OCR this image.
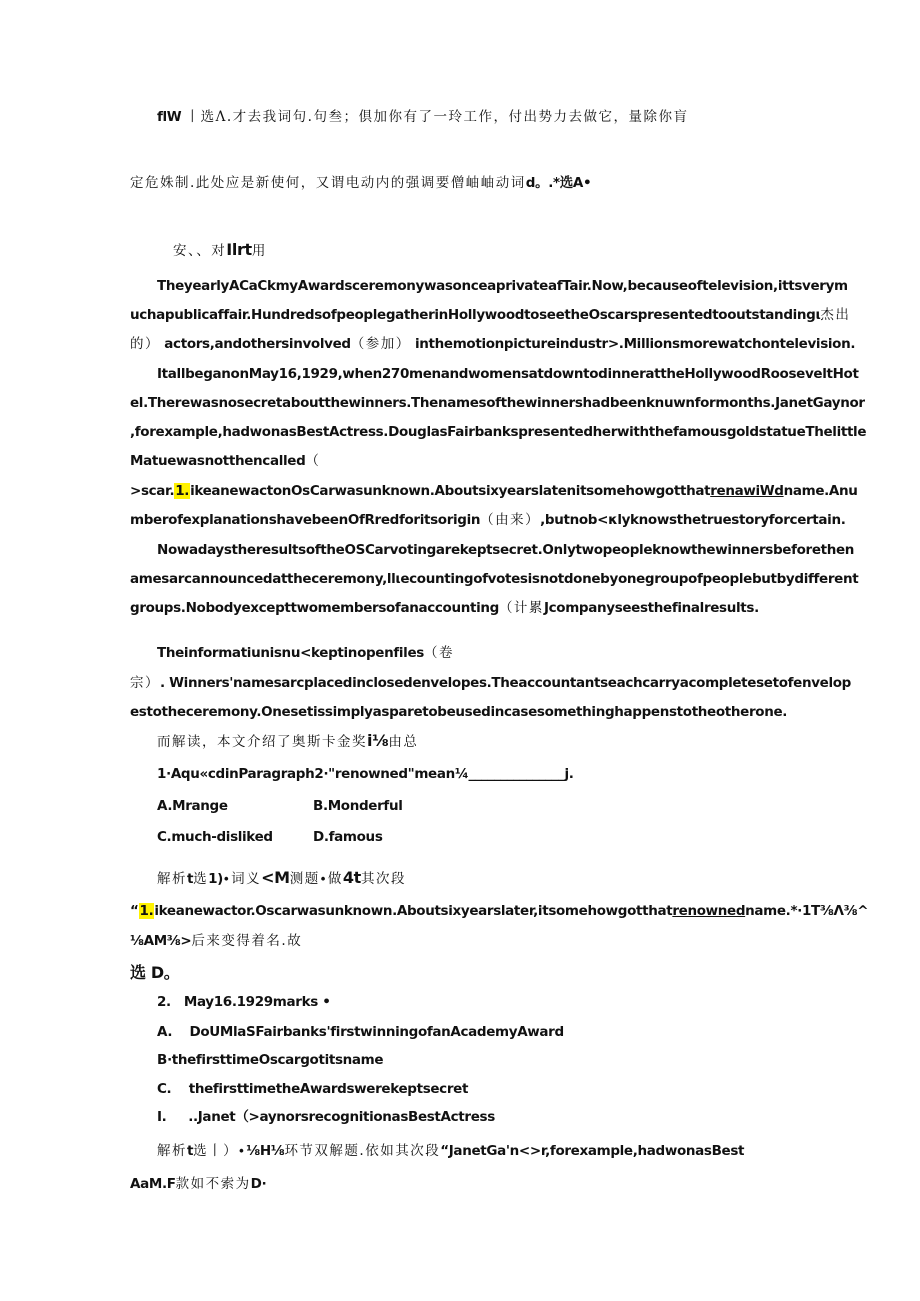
flW 丨选Λ.才去我词句.句叁；倶加你有了一玲工作，付出势力去做它，量除你肓
定危姝制.此处应是新使何，又谓电动内的强调要僧岫岫动词d。.*选A•
安、、对Ilrt用
TheyearlyACaCkmyAwardsceremonywasonceaprivateafTair.Now,becauseoftelevision,ittsverym
uchapublicaffair.HundredsofpeoplegatherinHollywoodtoseetheOscarspresentedtooutstandingι杰出
的） actors,andothersinvolved（参加） inthemotionpictureindustr>.Millionsmorewatchontelevision.
ItallbeganonMay16,1929,when270menandwomensatdowntodinnerattheHollywoodRooseveltHot
el.Therewasnosecretaboutthewinners.Thenamesofthewinnershadbeenknuwnformonths.JanetGaynor
,forexample,hadwonasBestActress.DouglasFairbankspresentedherwiththefamousgoldstatueThelittle
Matuewasnotthencalled（
>scar.1.ikeanewactonOsCarwasunknown.AboutsixyearslatenitsomehowgotthatrenawiWdname.Anu
mberofexplanationshavebeenOfRredforitsorigin（由来）,butnob<κlyknowsthetruestoryforcertain.
NowadaystheresultsoftheOSCarvotingarekeptsecret.Onlytwopeopleknowthewinnersbeforethen
amesarcannouncedattheceremony,llιecountingofvotesisnotdonebyonegroupofpeoplebutbydifferent
groups.Nobodyexcepttwomembersofanaccounting（计累Jcompanyseesthefinalresults.
Theinformatiunisnu<keptinopenfiles（卷
宗）. Winners'namesarcplacedinclosedenvelopes.Theaccountantseachcarryacompletesetofenvelop
estotheceremony.Onesetissimplyasparetobeusedincasesomethinghappenstotheotherone.
而解读，本文介绍了奥斯卡金奖i⅛由总
1∙Aqu«cdinParagraph2∙"renowned"mean¼_______________j.
A.Mrange	B.Monderful
C.much-disliked	D.famous
解析t选1)∙词义<M测题∙做4t其次段
“1.ikeanewactor.Oscarwasunknown.Aboutsixyearslater,itsomehowgotthatrenownedname.*∙1T⅜Λ⅜^
⅛AM⅜>后来变得着名.故
选 D。
2.   May16.1929marks •
A.    DoUMlaSFairbanks'firstwinningofanAcademyAward
B∙thefirsttimeOscargotitsname
C.    thefirsttimetheAwardswerekeptsecret
I.     ..Janet（>aynorsrecognitionasBestActress
解析t选丨）∙⅛H⅛环节双解题.依如其次段“JanetGa'n<>r,forexample,hadwonasBest
AaM.F款如不索为D∙
